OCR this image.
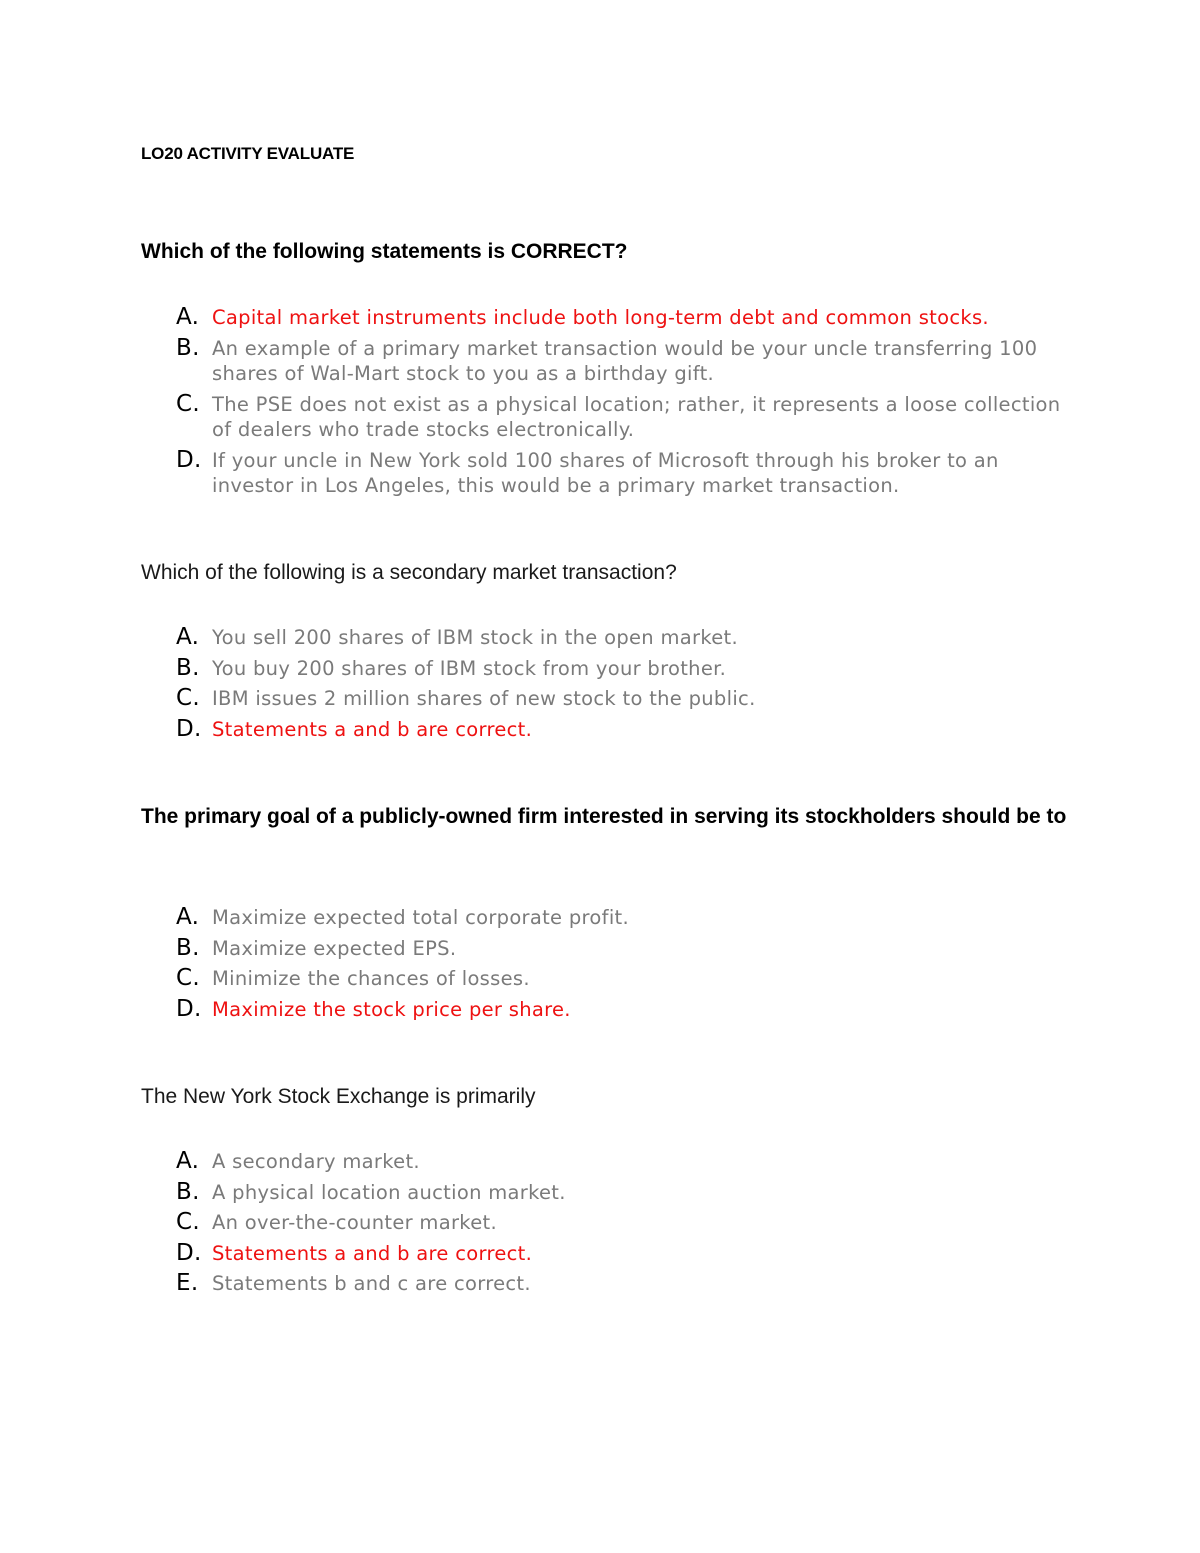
LO20 ACTIVITY EVALUATE
Which of the following statements is CORRECT?
A. Capital market instruments include both long-term debt and common stocks.
B. An example of a primary market transaction would be your uncle transferring 100 shares of Wal-Mart stock to you as a birthday gift.
C. The PSE does not exist as a physical location; rather, it represents a loose collection of dealers who trade stocks electronically.
D. If your uncle in New York sold 100 shares of Microsoft through his broker to an investor in Los Angeles, this would be a primary market transaction.
Which of the following is a secondary market transaction?
A. You sell 200 shares of IBM stock in the open market.
B. You buy 200 shares of IBM stock from your brother.
C. IBM issues 2 million shares of new stock to the public.
D. Statements a and b are correct.
The primary goal of a publicly-owned firm interested in serving its stockholders should be to
A. Maximize expected total corporate profit.
B. Maximize expected EPS.
C. Minimize the chances of losses.
D. Maximize the stock price per share.
The New York Stock Exchange is primarily
A. A secondary market.
B. A physical location auction market.
C. An over-the-counter market.
D. Statements a and b are correct.
E. Statements b and c are correct.
